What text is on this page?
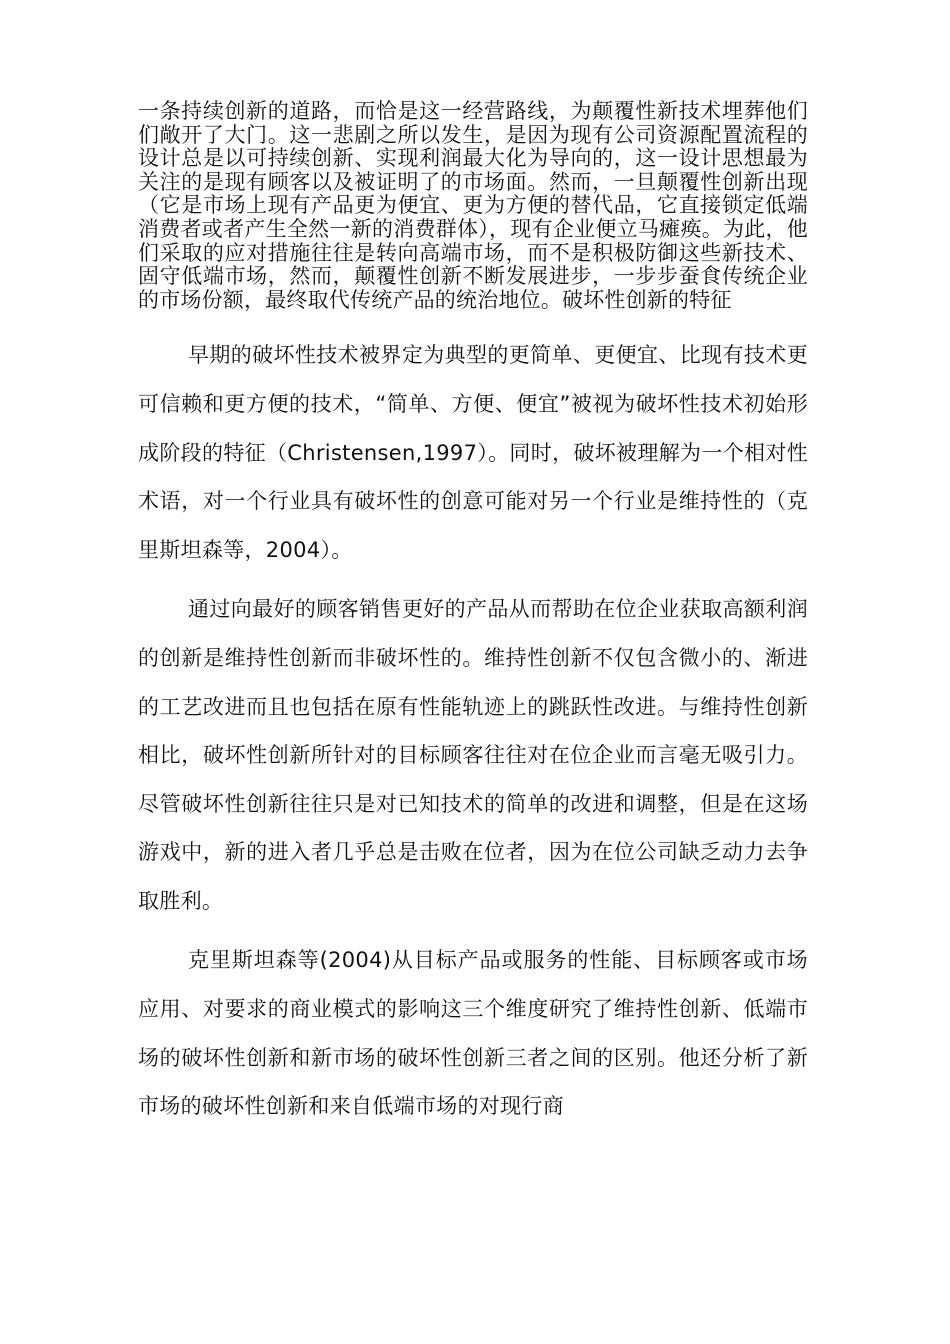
一条持续创新的道路，而恰是这一经营路线，为颠覆性新技术埋葬他们们敞开了大门。这一悲剧之所以发生，是因为现有公司资源配置流程的设计总是以可持续创新、实现利润最大化为导向的，这一设计思想最为关注的是现有顾客以及被证明了的市场面。然而，一旦颠覆性创新出现（它是市场上现有产品更为便宜、更为方便的替代品，它直接锁定低端消费者或者产生全然一新的消费群体），现有企业便立马瘫痪。为此，他们采取的应对措施往往是转向高端市场，而不是积极防御这些新技术、固守低端市场，然而，颠覆性创新不断发展进步，一步步蚕食传统企业的市场份额，最终取代传统产品的统治地位。破坏性创新的特征

早期的破坏性技术被界定为典型的更简单、更便宜、比现有技术更可信赖和更方便的技术，“简单、方便、便宜”被视为破坏性技术初始形成阶段的特征（Christensen,1997）。同时，破坏被理解为一个相对性术语，对一个行业具有破坏性的创意可能对另一个行业是维持性的（克里斯坦森等，2004）。

通过向最好的顾客销售更好的产品从而帮助在位企业获取高额利润的创新是维持性创新而非破坏性的。维持性创新不仅包含微小的、渐进的工艺改进而且也包括在原有性能轨迹上的跳跃性改进。与维持性创新相比，破坏性创新所针对的目标顾客往往对在位企业而言毫无吸引力。尽管破坏性创新往往只是对已知技术的简单的改进和调整，但是在这场游戏中，新的进入者几乎总是击败在位者，因为在位公司缺乏动力去争取胜利。

克里斯坦森等(2004)从目标产品或服务的性能、目标顾客或市场应用、对要求的商业模式的影响这三个维度研究了维持性创新、低端市场的破坏性创新和新市场的破坏性创新三者之间的区别。他还分析了新市场的破坏性创新和来自低端市场的对现行商
